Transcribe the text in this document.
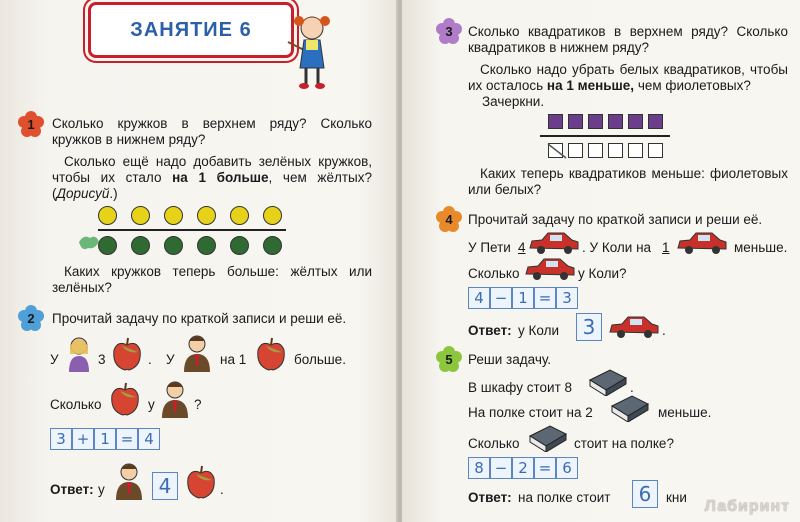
ЗАНЯТИЕ 6
1	Сколько кружков в верхнем ряду? Сколько кружков в нижнем ряду?
Сколько ещё надо добавить зелёных кружков, чтобы их стало на 1 больше, чем жёлтых? (Дорисуй.)
Каких кружков теперь больше: жёлтых или зелёных?
2	Прочитай задачу по краткой записи и реши её.
У	3	. У	на 1	больше.
Сколько	у	?
3 + 1 = 4
Ответ: у	4	.
3	Сколько квадратиков в верхнем ряду? Сколько квадратиков в нижнем ряду?
Сколько надо убрать белых квадратиков, чтобы их осталось на 1 меньше, чем фиолетовых?
Зачеркни.
Каких теперь квадратиков меньше: фиолетовых или белых?
4	Прочитай задачу по краткой записи и реши её.
У Пети 4	. У Коли на 1	меньше.
Сколько	у Коли?
4 − 1 = 3
Ответ: у Коли	3	.
5	Реши задачу.
В шкафу стоит 8	.
На полке стоит на 2	меньше.
Сколько	стоит на полке?
8 − 2 = 6
Ответ: на полке стоит	6	кни
Лабиринт
